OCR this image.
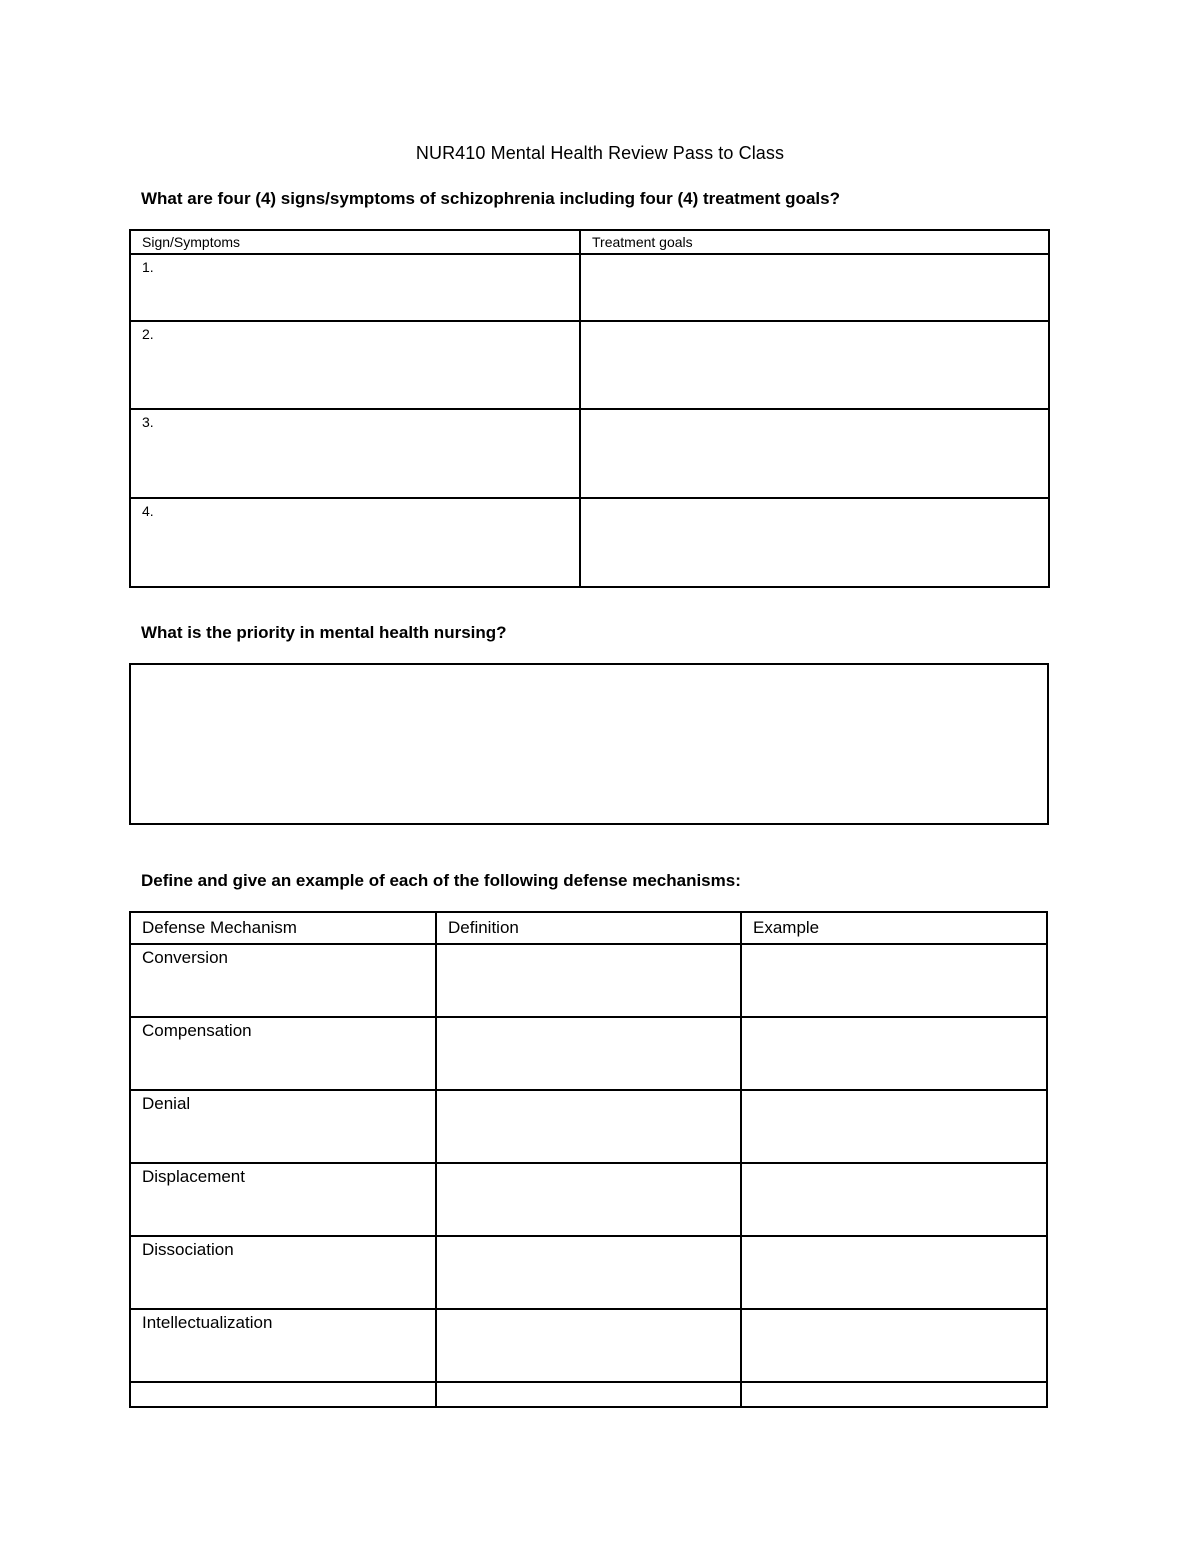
NUR410 Mental Health Review Pass to Class
What are four (4) signs/symptoms of schizophrenia including four (4) treatment goals?
Sign/Symptoms	Treatment goals
1.	
2.	
3.	
4.	
What is the priority in mental health nursing?
Define and give an example of each of the following defense mechanisms:
Defense Mechanism	Definition	Example
Conversion		
Compensation		
Denial		
Displacement		
Dissociation		
Intellectualization		
